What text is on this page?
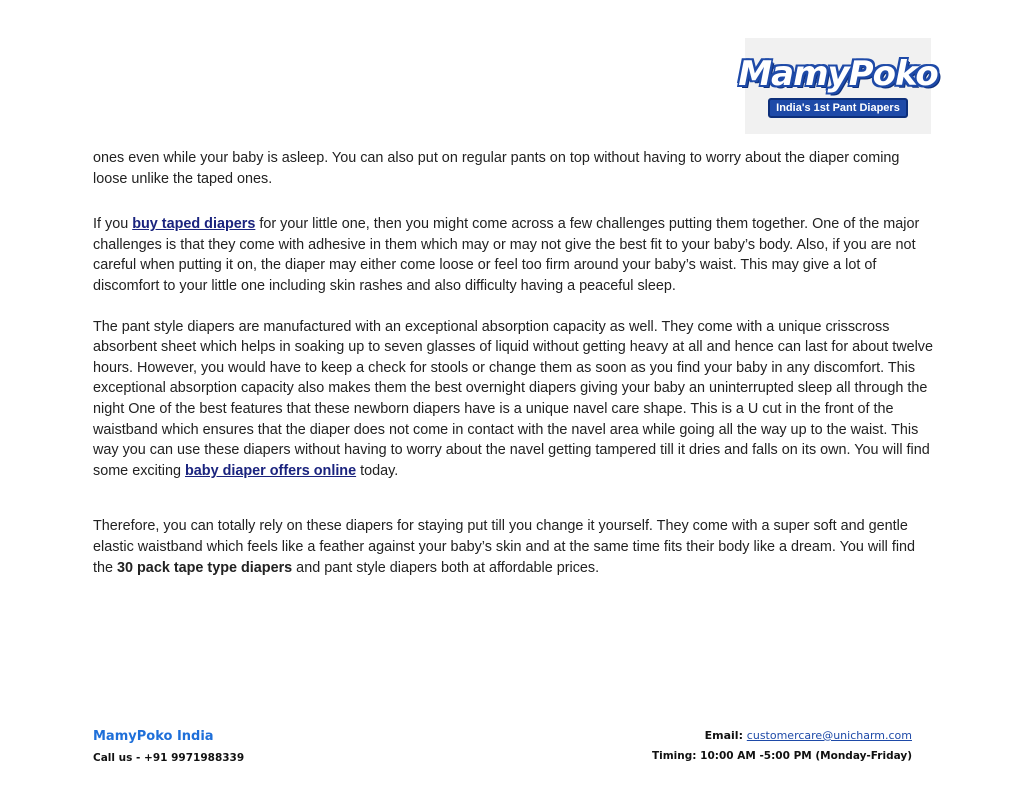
MamyPoko
India's 1st Pant Diapers

ones even while your baby is asleep. You can also put on regular pants on top without having to worry about the diaper coming loose unlike the taped ones.

If you buy taped diapers for your little one, then you might come across a few challenges putting them together. One of the major challenges is that they come with adhesive in them which may or may not give the best fit to your baby’s body. Also, if you are not careful when putting it on, the diaper may either come loose or feel too firm around your baby’s waist. This may give a lot of discomfort to your little one including skin rashes and also difficulty having a peaceful sleep.

The pant style diapers are manufactured with an exceptional absorption capacity as well. They come with a unique crisscross absorbent sheet which helps in soaking up to seven glasses of liquid without getting heavy at all and hence can last for about twelve hours. However, you would have to keep a check for stools or change them as soon as you find your baby in any discomfort. This exceptional absorption capacity also makes them the best overnight diapers giving your baby an uninterrupted sleep all through the night One of the best features that these newborn diapers have is a unique navel care shape. This is a U cut in the front of the waistband which ensures that the diaper does not come in contact with the navel area while going all the way up to the waist. This way you can use these diapers without having to worry about the navel getting tampered till it dries and falls on its own. You will find some exciting baby diaper offers online today.

Therefore, you can totally rely on these diapers for staying put till you change it yourself. They come with a super soft and gentle elastic waistband which feels like a feather against your baby’s skin and at the same time fits their body like a dream. You will find the 30 pack tape type diapers and pant style diapers both at affordable prices.

MamyPoko India
Call us - +91 9971988339
Email: customercare@unicharm.com
Timing: 10:00 AM -5:00 PM (Monday-Friday)
